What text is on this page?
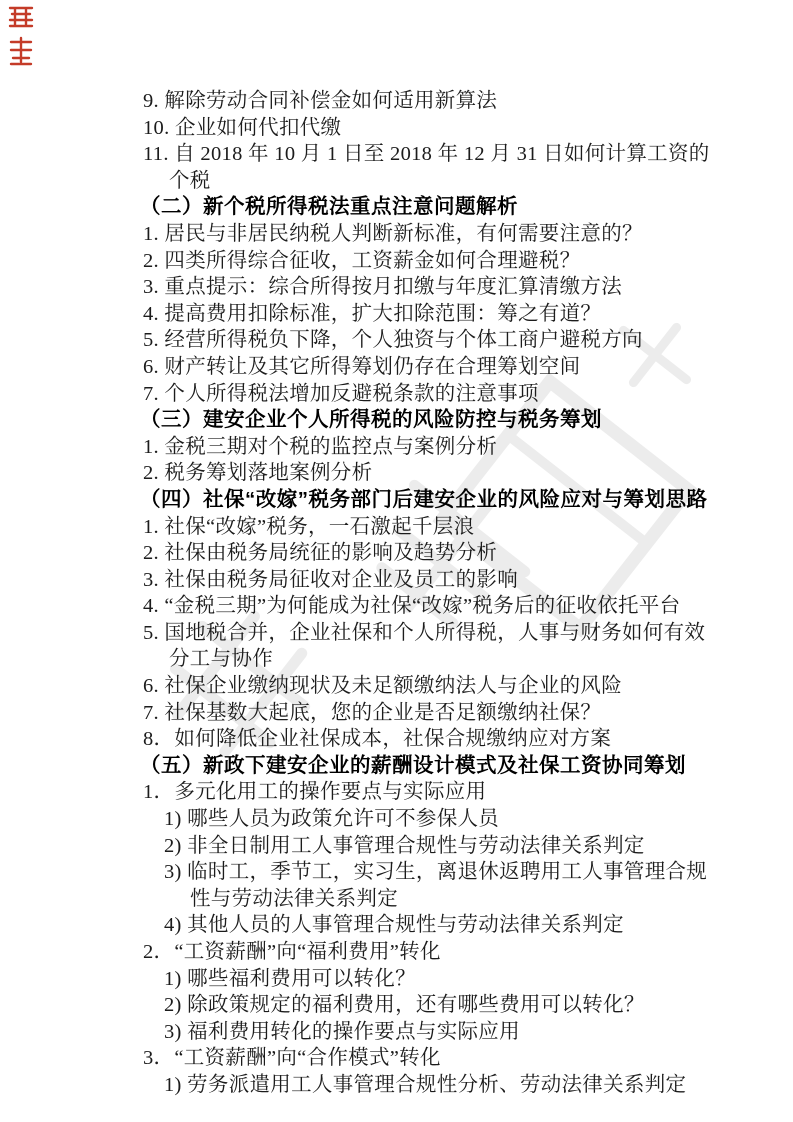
9. 解除劳动合同补偿金如何适用新算法
10. 企业如何代扣代缴
11. 自 2018 年 10 月 1 日至 2018 年 12 月 31 日如何计算工资的个税
（二）新个税所得税法重点注意问题解析
1. 居民与非居民纳税人判断新标准，有何需要注意的？
2. 四类所得综合征收，工资薪金如何合理避税？
3. 重点提示：综合所得按月扣缴与年度汇算清缴方法
4. 提高费用扣除标准，扩大扣除范围：筹之有道？
5. 经营所得税负下降，个人独资与个体工商户避税方向
6. 财产转让及其它所得筹划仍存在合理筹划空间
7. 个人所得税法增加反避税条款的注意事项
（三）建安企业个人所得税的风险防控与税务筹划
1. 金税三期对个税的监控点与案例分析
2. 税务筹划落地案例分析
（四）社保“改嫁”税务部门后建安企业的风险应对与筹划思路
1. 社保“改嫁”税务，一石激起千层浪
2. 社保由税务局统征的影响及趋势分析
3. 社保由税务局征收对企业及员工的影响
4. “金税三期”为何能成为社保“改嫁”税务后的征收依托平台
5. 国地税合并，企业社保和个人所得税，人事与财务如何有效分工与协作
6. 社保企业缴纳现状及未足额缴纳法人与企业的风险
7. 社保基数大起底，您的企业是否足额缴纳社保？
8．如何降低企业社保成本，社保合规缴纳应对方案
（五）新政下建安企业的薪酬设计模式及社保工资协同筹划
1．多元化用工的操作要点与实际应用
1) 哪些人员为政策允许可不参保人员
2) 非全日制用工人事管理合规性与劳动法律关系判定
3) 临时工，季节工，实习生，离退休返聘用工人事管理合规性与劳动法律关系判定
4) 其他人员的人事管理合规性与劳动法律关系判定
2．“工资薪酬”向“福利费用”转化
1) 哪些福利费用可以转化？
2) 除政策规定的福利费用，还有哪些费用可以转化？
3) 福利费用转化的操作要点与实际应用
3．“工资薪酬”向“合作模式”转化
1) 劳务派遣用工人事管理合规性分析、劳动法律关系判定
